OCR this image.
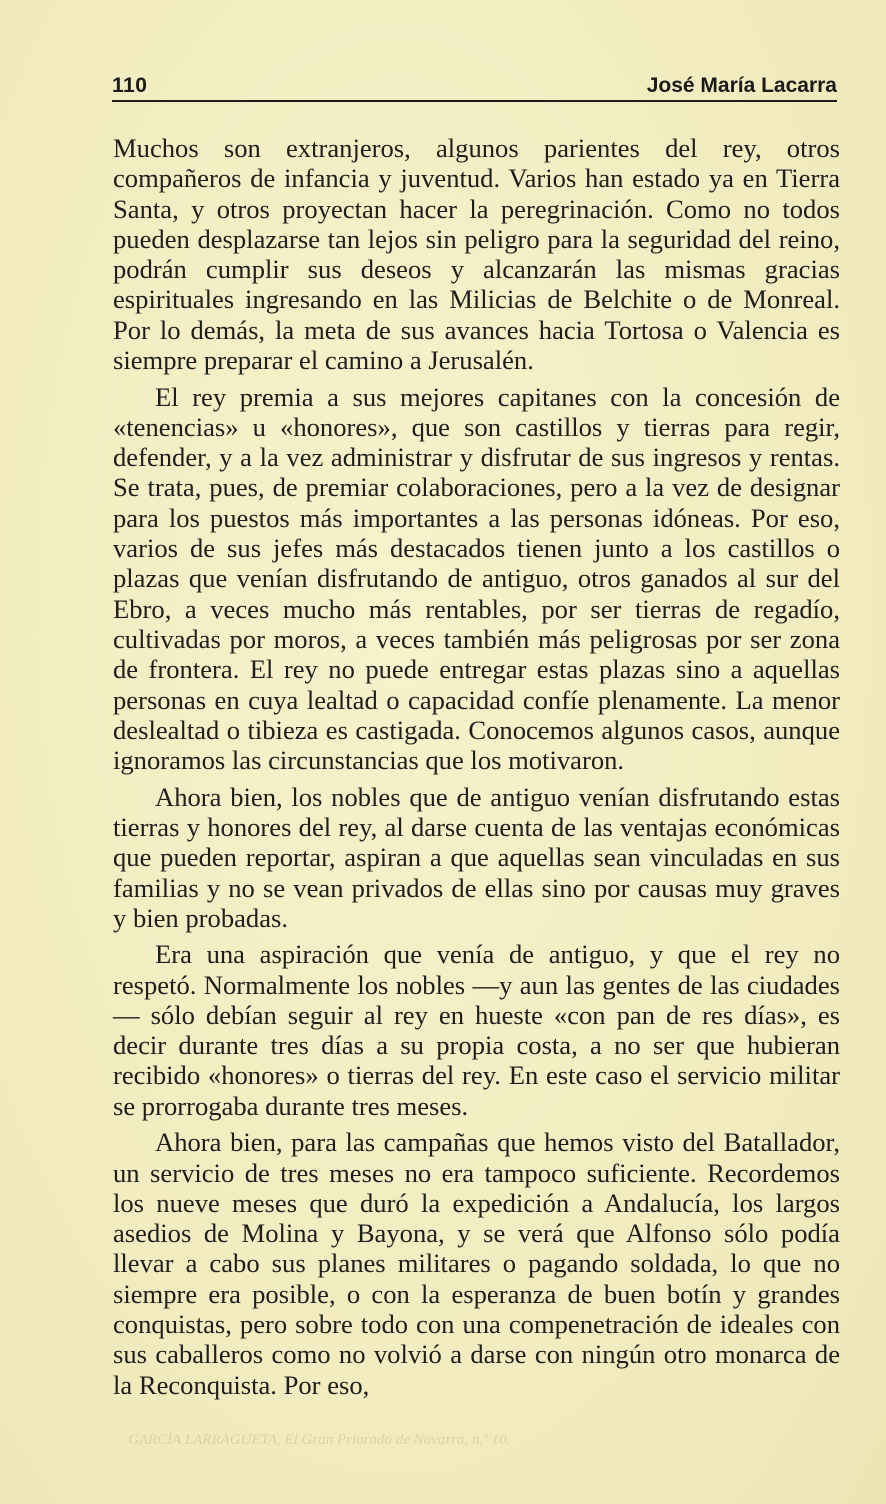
110	José María Lacarra

Muchos son extranjeros, algunos parientes del rey, otros compañeros de infancia y juventud. Varios han estado ya en Tierra Santa, y otros proyectan hacer la peregrinación. Como no todos pueden desplazarse tan lejos sin peligro para la seguridad del reino, podrán cumplir sus deseos y alcanzarán las mismas gracias espirituales ingresando en las Milicias de Belchite o de Monreal. Por lo demás, la meta de sus avances hacia Tortosa o Valencia es siempre preparar el camino a Jerusalén.

El rey premia a sus mejores capitanes con la concesión de «tenencias» u «honores», que son castillos y tierras para regir, defender, y a la vez administrar y disfrutar de sus ingresos y rentas. Se trata, pues, de premiar colaboraciones, pero a la vez de designar para los puestos más importantes a las personas idóneas. Por eso, varios de sus jefes más destacados tienen junto a los castillos o plazas que venían disfrutando de antiguo, otros ganados al sur del Ebro, a veces mucho más rentables, por ser tierras de regadío, cultivadas por moros, a veces también más peligrosas por ser zona de frontera. El rey no puede entregar estas plazas sino a aquellas personas en cuya lealtad o capacidad confíe plenamente. La menor deslealtad o tibieza es castigada. Conocemos algunos casos, aunque ignoramos las circunstancias que los motivaron.

Ahora bien, los nobles que de antiguo venían disfrutando estas tierras y honores del rey, al darse cuenta de las ventajas económicas que pueden reportar, aspiran a que aquellas sean vinculadas en sus familias y no se vean privados de ellas sino por causas muy graves y bien probadas.

Era una aspiración que venía de antiguo, y que el rey no respetó. Normalmente los nobles —y aun las gentes de las ciudades— sólo debían seguir al rey en hueste «con pan de res días», es decir durante tres días a su propia costa, a no ser que hubieran recibido «honores» o tierras del rey. En este caso el servicio militar se prorrogaba durante tres meses.

Ahora bien, para las campañas que hemos visto del Batallador, un servicio de tres meses no era tampoco suficiente. Recordemos los nueve meses que duró la expedición a Andalucía, los largos asedios de Molina y Bayona, y se verá que Alfonso sólo podía llevar a cabo sus planes militares o pagando soldada, lo que no siempre era posible, o con la esperanza de buen botín y grandes conquistas, pero sobre todo con una compenetración de ideales con sus caballeros como no volvió a darse con ningún otro monarca de la Reconquista. Por eso,

GARCÍA LARRAGUETA, El Gran Priorado de Navarra, n.º 10.
